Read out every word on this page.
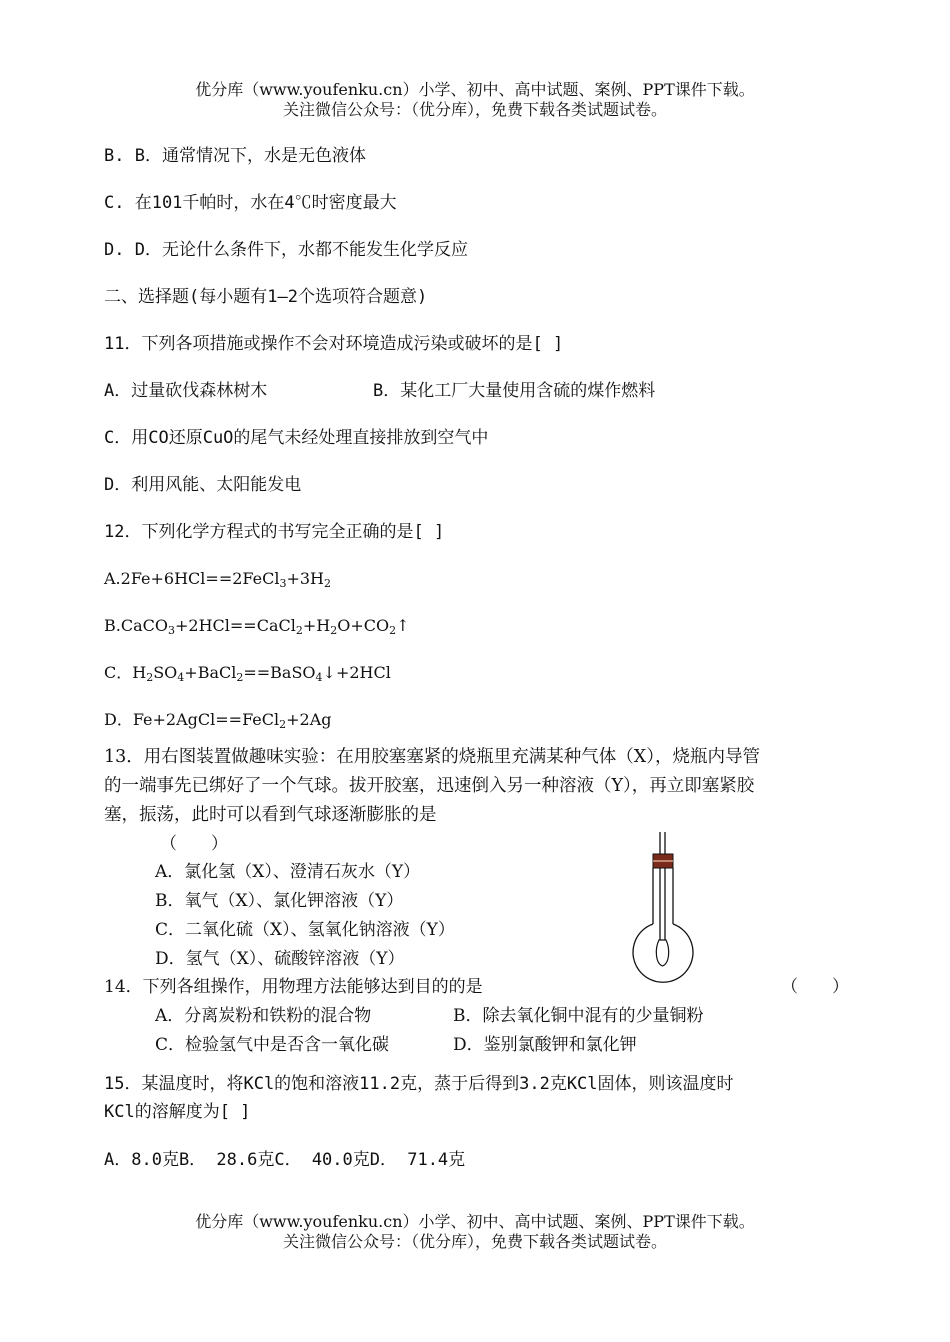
优分库（www.youfenku.cn）小学、初中、高中试题、案例、PPT课件下载。
关注微信公众号：（优分库），免费下载各类试题试卷。
B. B．通常情况下，水是无色液体
C. 在101千帕时，水在4℃时密度最大
D. D．无论什么条件下，水都不能发生化学反应
二、选择题(每小题有1—2个选项符合题意)
11．下列各项措施或操作不会对环境造成污染或破坏的是[ ]
A．过量砍伐森林树木	B．某化工厂大量使用含硫的煤作燃料
C．用CO还原CuO的尾气未经处理直接排放到空气中
D．利用风能、太阳能发电
12．下列化学方程式的书写完全正确的是[ ]
$A.2Fe+6HCl==2FeCl_3+3H_2$
$B.CaCO_3+2HCl==CaCl_2+H_2O+CO_2↑$
C．$H_2SO_4+BaCl_2==BaSO_4↓+2HCl$
D．Fe+2AgCl==FeCl$_2$+2Ag
13．用右图装置做趣味实验：在用胶塞塞紧的烧瓶里充满某种气体（X），烧瓶内导管
的一端事先已绑好了一个气球。拔开胶塞，迅速倒入另一种溶液（Y），再立即塞紧胶
塞，振荡，此时可以看到气球逐渐膨胀的是
（　　）
A．氯化氢（X）、澄清石灰水（Y）
B．氧气（X）、氯化钾溶液（Y）
C．二氧化硫（X）、氢氧化钠溶液（Y）
D．氢气（X）、硫酸锌溶液（Y）
14．下列各组操作，用物理方法能够达到目的的是	（　　）
A．分离炭粉和铁粉的混合物	B．除去氧化铜中混有的少量铜粉
C．检验氢气中是否含一氧化碳	D．鉴别氯酸钾和氯化钾
15．某温度时，将KCl的饱和溶液11.2克，蒸于后得到3.2克KCl固体，则该温度时
KCl的溶解度为[ ]
A．8.0克B． 28.6克C． 40.0克D． 71.4克
优分库（www.youfenku.cn）小学、初中、高中试题、案例、PPT课件下载。
关注微信公众号：（优分库），免费下载各类试题试卷。
